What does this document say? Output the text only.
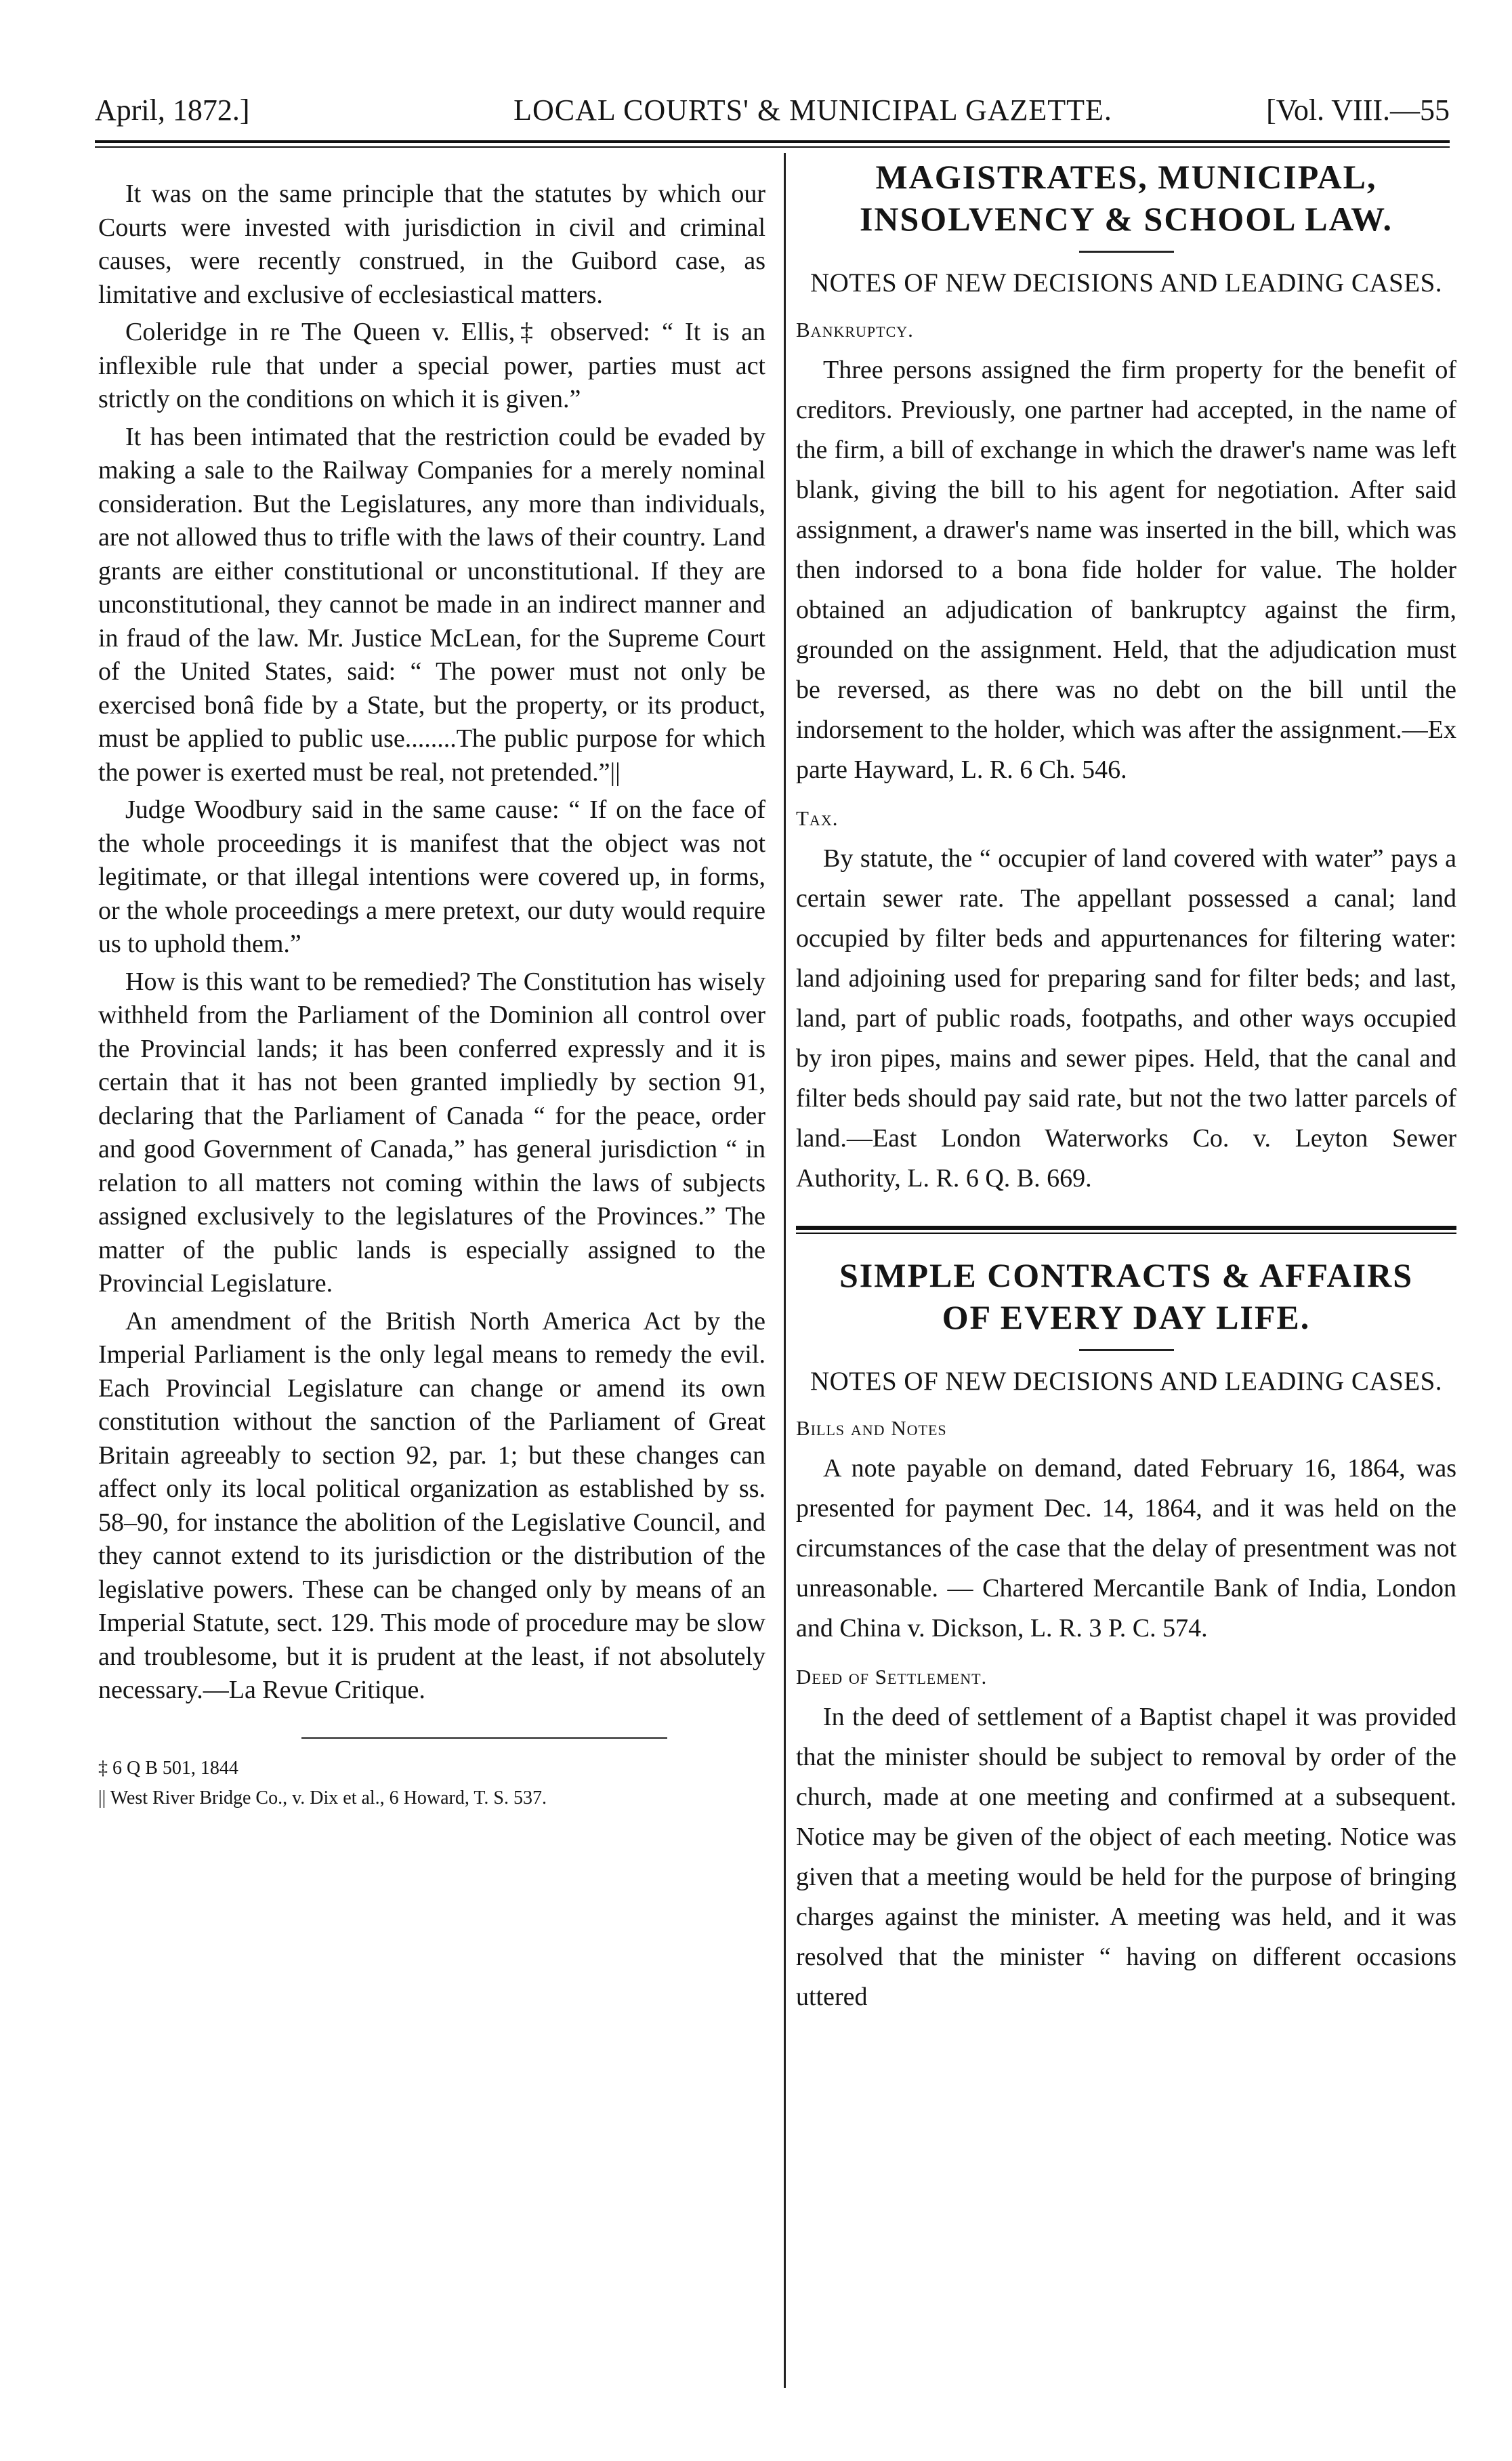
April, 1872.]	LOCAL COURTS' & MUNICIPAL GAZETTE.	[Vol. VIII.—55

It was on the same principle that the statutes by which our Courts were invested with jurisdiction in civil and criminal causes, were recently construed, in the Guibord case, as limitative and exclusive of ecclesiastical matters.

Coleridge in re The Queen v. Ellis,‡ observed: “ It is an inflexible rule that under a special power, parties must act strictly on the conditions on which it is given.”

It has been intimated that the restriction could be evaded by making a sale to the Railway Companies for a merely nominal consideration. But the Legislatures, any more than individuals, are not allowed thus to trifle with the laws of their country. Land grants are either constitutional or unconstitutional. If they are unconstitutional, they cannot be made in an indirect manner and in fraud of the law. Mr. Justice McLean, for the Supreme Court of the United States, said: “ The power must not only be exercised bonâ fide by a State, but the property, or its product, must be applied to public use........The public purpose for which the power is exerted must be real, not pretended.”||

Judge Woodbury said in the same cause: “ If on the face of the whole proceedings it is manifest that the object was not legitimate, or that illegal intentions were covered up, in forms, or the whole proceedings a mere pretext, our duty would require us to uphold them.”

How is this want to be remedied? The Constitution has wisely withheld from the Parliament of the Dominion all control over the Provincial lands; it has been conferred expressly and it is certain that it has not been granted impliedly by section 91, declaring that the Parliament of Canada “ for the peace, order and good Government of Canada,” has general jurisdiction “ in relation to all matters not coming within the laws of subjects assigned exclusively to the legislatures of the Provinces.” The matter of the public lands is especially assigned to the Provincial Legislature.

An amendment of the British North America Act by the Imperial Parliament is the only legal means to remedy the evil. Each Provincial Legislature can change or amend its own constitution without the sanction of the Parliament of Great Britain agreeably to section 92, par. 1; but these changes can affect only its local political organization as established by ss. 58–90, for instance the abolition of the Legislative Council, and they cannot extend to its jurisdiction or the distribution of the legislative powers. These can be changed only by means of an Imperial Statute, sect. 129. This mode of procedure may be slow and troublesome, but it is prudent at the least, if not absolutely necessary.—La Revue Critique.

‡ 6 Q B 501, 1844

|| West River Bridge Co., v. Dix et al., 6 Howard, T. S. 537.

MAGISTRATES, MUNICIPAL,
INSOLVENCY & SCHOOL LAW.
NOTES OF NEW DECISIONS AND LEADING CASES.
Bankruptcy.

Three persons assigned the firm property for the benefit of creditors. Previously, one partner had accepted, in the name of the firm, a bill of exchange in which the drawer's name was left blank, giving the bill to his agent for negotiation. After said assignment, a drawer's name was inserted in the bill, which was then indorsed to a bona fide holder for value. The holder obtained an adjudication of bankruptcy against the firm, grounded on the assignment. Held, that the adjudication must be reversed, as there was no debt on the bill until the indorsement to the holder, which was after the assignment.—Ex parte Hayward, L. R. 6 Ch. 546.

Tax.

By statute, the “ occupier of land covered with water” pays a certain sewer rate. The appellant possessed a canal; land occupied by filter beds and appurtenances for filtering water: land adjoining used for preparing sand for filter beds; and last, land, part of public roads, footpaths, and other ways occupied by iron pipes, mains and sewer pipes. Held, that the canal and filter beds should pay said rate, but not the two latter parcels of land.—East London Waterworks Co. v. Leyton Sewer Authority, L. R. 6 Q. B. 669.

SIMPLE CONTRACTS & AFFAIRS
OF EVERY DAY LIFE.
NOTES OF NEW DECISIONS AND LEADING CASES.
Bills and Notes

A note payable on demand, dated February 16, 1864, was presented for payment Dec. 14, 1864, and it was held on the circumstances of the case that the delay of presentment was not unreasonable. — Chartered Mercantile Bank of India, London and China v. Dickson, L. R. 3 P. C. 574.

Deed of Settlement.

In the deed of settlement of a Baptist chapel it was provided that the minister should be subject to removal by order of the church, made at one meeting and confirmed at a subsequent. Notice may be given of the object of each meeting. Notice was given that a meeting would be held for the purpose of bringing charges against the minister. A meeting was held, and it was resolved that the minister “ having on different occasions uttered
